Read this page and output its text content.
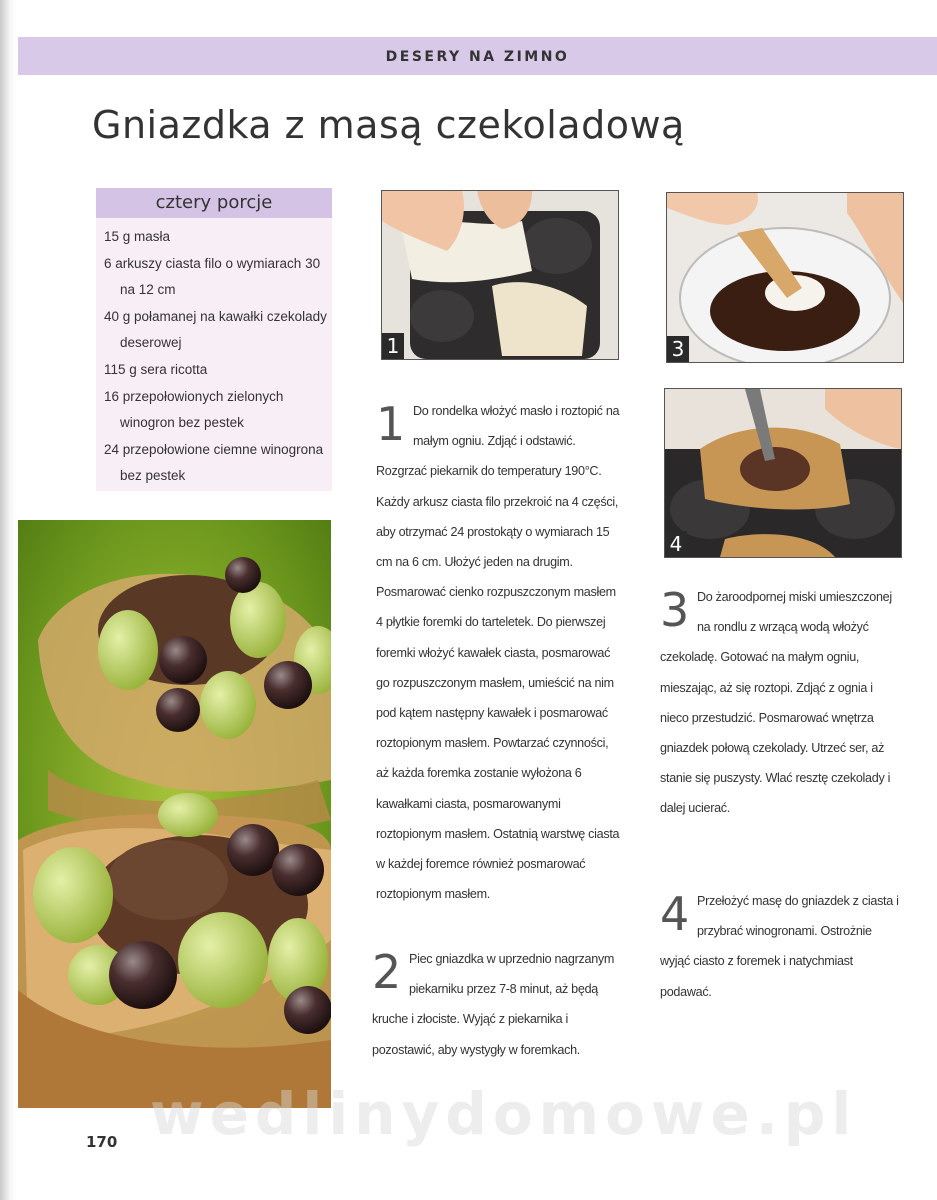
DESERY NA ZIMNO
Gniazdka z masą czekoladową
cztery porcje
15 g masła
6 arkuszy ciasta filo o wymiarach 30 na 12 cm
40 g połamanej na kawałki czekolady deserowej
115 g sera ricotta
16 przepołowionych zielonych winogron bez pestek
24 przepołowione ciemne winogrona bez pestek
1	3
4

1 Do rondelka włożyć masło i roztopić na małym ogniu. Zdjąć i odstawić. Rozgrzać piekarnik do temperatury 190°C. Każdy arkusz ciasta filo przekroić na 4 części, aby otrzymać 24 prostokąty o wymiarach 15 cm na 6 cm. Ułożyć jeden na drugim. Posmarować cienko rozpuszczonym masłem 4 płytkie foremki do tarteletek. Do pierwszej foremki włożyć kawałek ciasta, posmarować go rozpuszczonym masłem, umieścić na nim pod kątem następny kawałek i posmarować roztopionym masłem. Powtarzać czynności, aż każda foremka zostanie wyłożona 6 kawałkami ciasta, posmarowanymi roztopionym masłem. Ostatnią warstwę ciasta w każdej foremce również posmarować roztopionym masłem.

2 Piec gniazdka w uprzednio nagrzanym piekarniku przez 7-8 minut, aż będą kruche i złociste. Wyjąć z piekarnika i pozostawić, aby wystygły w foremkach.

3 Do żaroodpornej miski umieszczonej na rondlu z wrzącą wodą włożyć czekoladę. Gotować na małym ogniu, mieszając, aż się roztopi. Zdjąć z ognia i nieco przestudzić. Posmarować wnętrza gniazdek połową czekolady. Utrzeć ser, aż stanie się puszysty. Wlać resztę czekolady i dalej ucierać.

4 Przełożyć masę do gniazdek z ciasta i przybrać winogronami. Ostrożnie wyjąć ciasto z foremek i natychmiast podawać.

wedlinydomowe.pl
170
